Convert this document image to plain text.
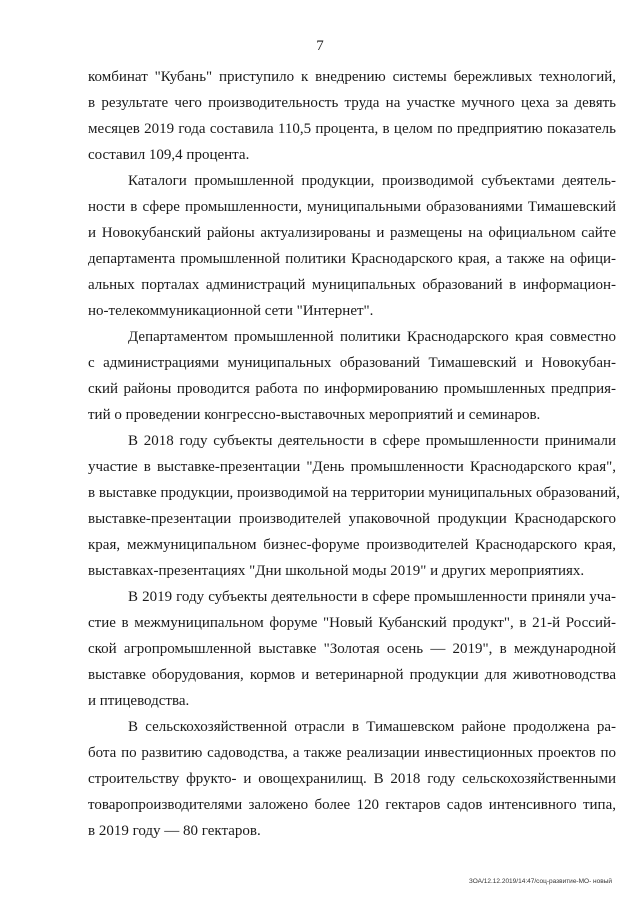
7
комбинат "Кубань" приступило к внедрению системы бережливых технологий,
в результате чего производительность труда на участке мучного цеха за девять
месяцев 2019 года составила 110,5 процента, в целом по предприятию показатель
составил 109,4 процента.
Каталоги промышленной продукции, производимой субъектами деятель-
ности в сфере промышленности, муниципальными образованиями Тимашевский
и Новокубанский районы актуализированы и размещены на официальном сайте
департамента промышленной политики Краснодарского края, а также на офици-
альных порталах администраций муниципальных образований в информацион-
но-телекоммуникационной сети "Интернет".
Департаментом промышленной политики Краснодарского края совместно
с администрациями муниципальных образований Тимашевский и Новокубан-
ский районы проводится работа по информированию промышленных предприя-
тий о проведении конгрессно-выставочных мероприятий и семинаров.
В 2018 году субъекты деятельности в сфере промышленности принимали
участие в выставке-презентации "День промышленности Краснодарского края",
в выставке продукции, производимой на территории муниципальных образований,
выставке-презентации производителей упаковочной продукции Краснодарского
края, межмуниципальном бизнес-форуме производителей Краснодарского края,
выставках-презентациях "Дни школьной моды 2019" и других мероприятиях.
В 2019 году субъекты деятельности в сфере промышленности приняли уча-
стие в межмуниципальном форуме "Новый Кубанский продукт", в 21-й Россий-
ской агропромышленной выставке "Золотая осень — 2019", в международной
выставке оборудования, кормов и ветеринарной продукции для животноводства
и птицеводства.
В сельскохозяйственной отрасли в Тимашевском районе продолжена ра-
бота по развитию садоводства, а также реализации инвестиционных проектов по
строительству фрукто- и овощехранилищ. В 2018 году сельскохозяйственными
товаропроизводителями заложено более 120 гектаров садов интенсивного типа,
в 2019 году — 80 гектаров.
ЗОА/12.12.2019/14:47/соц-развитие-МО- новый
